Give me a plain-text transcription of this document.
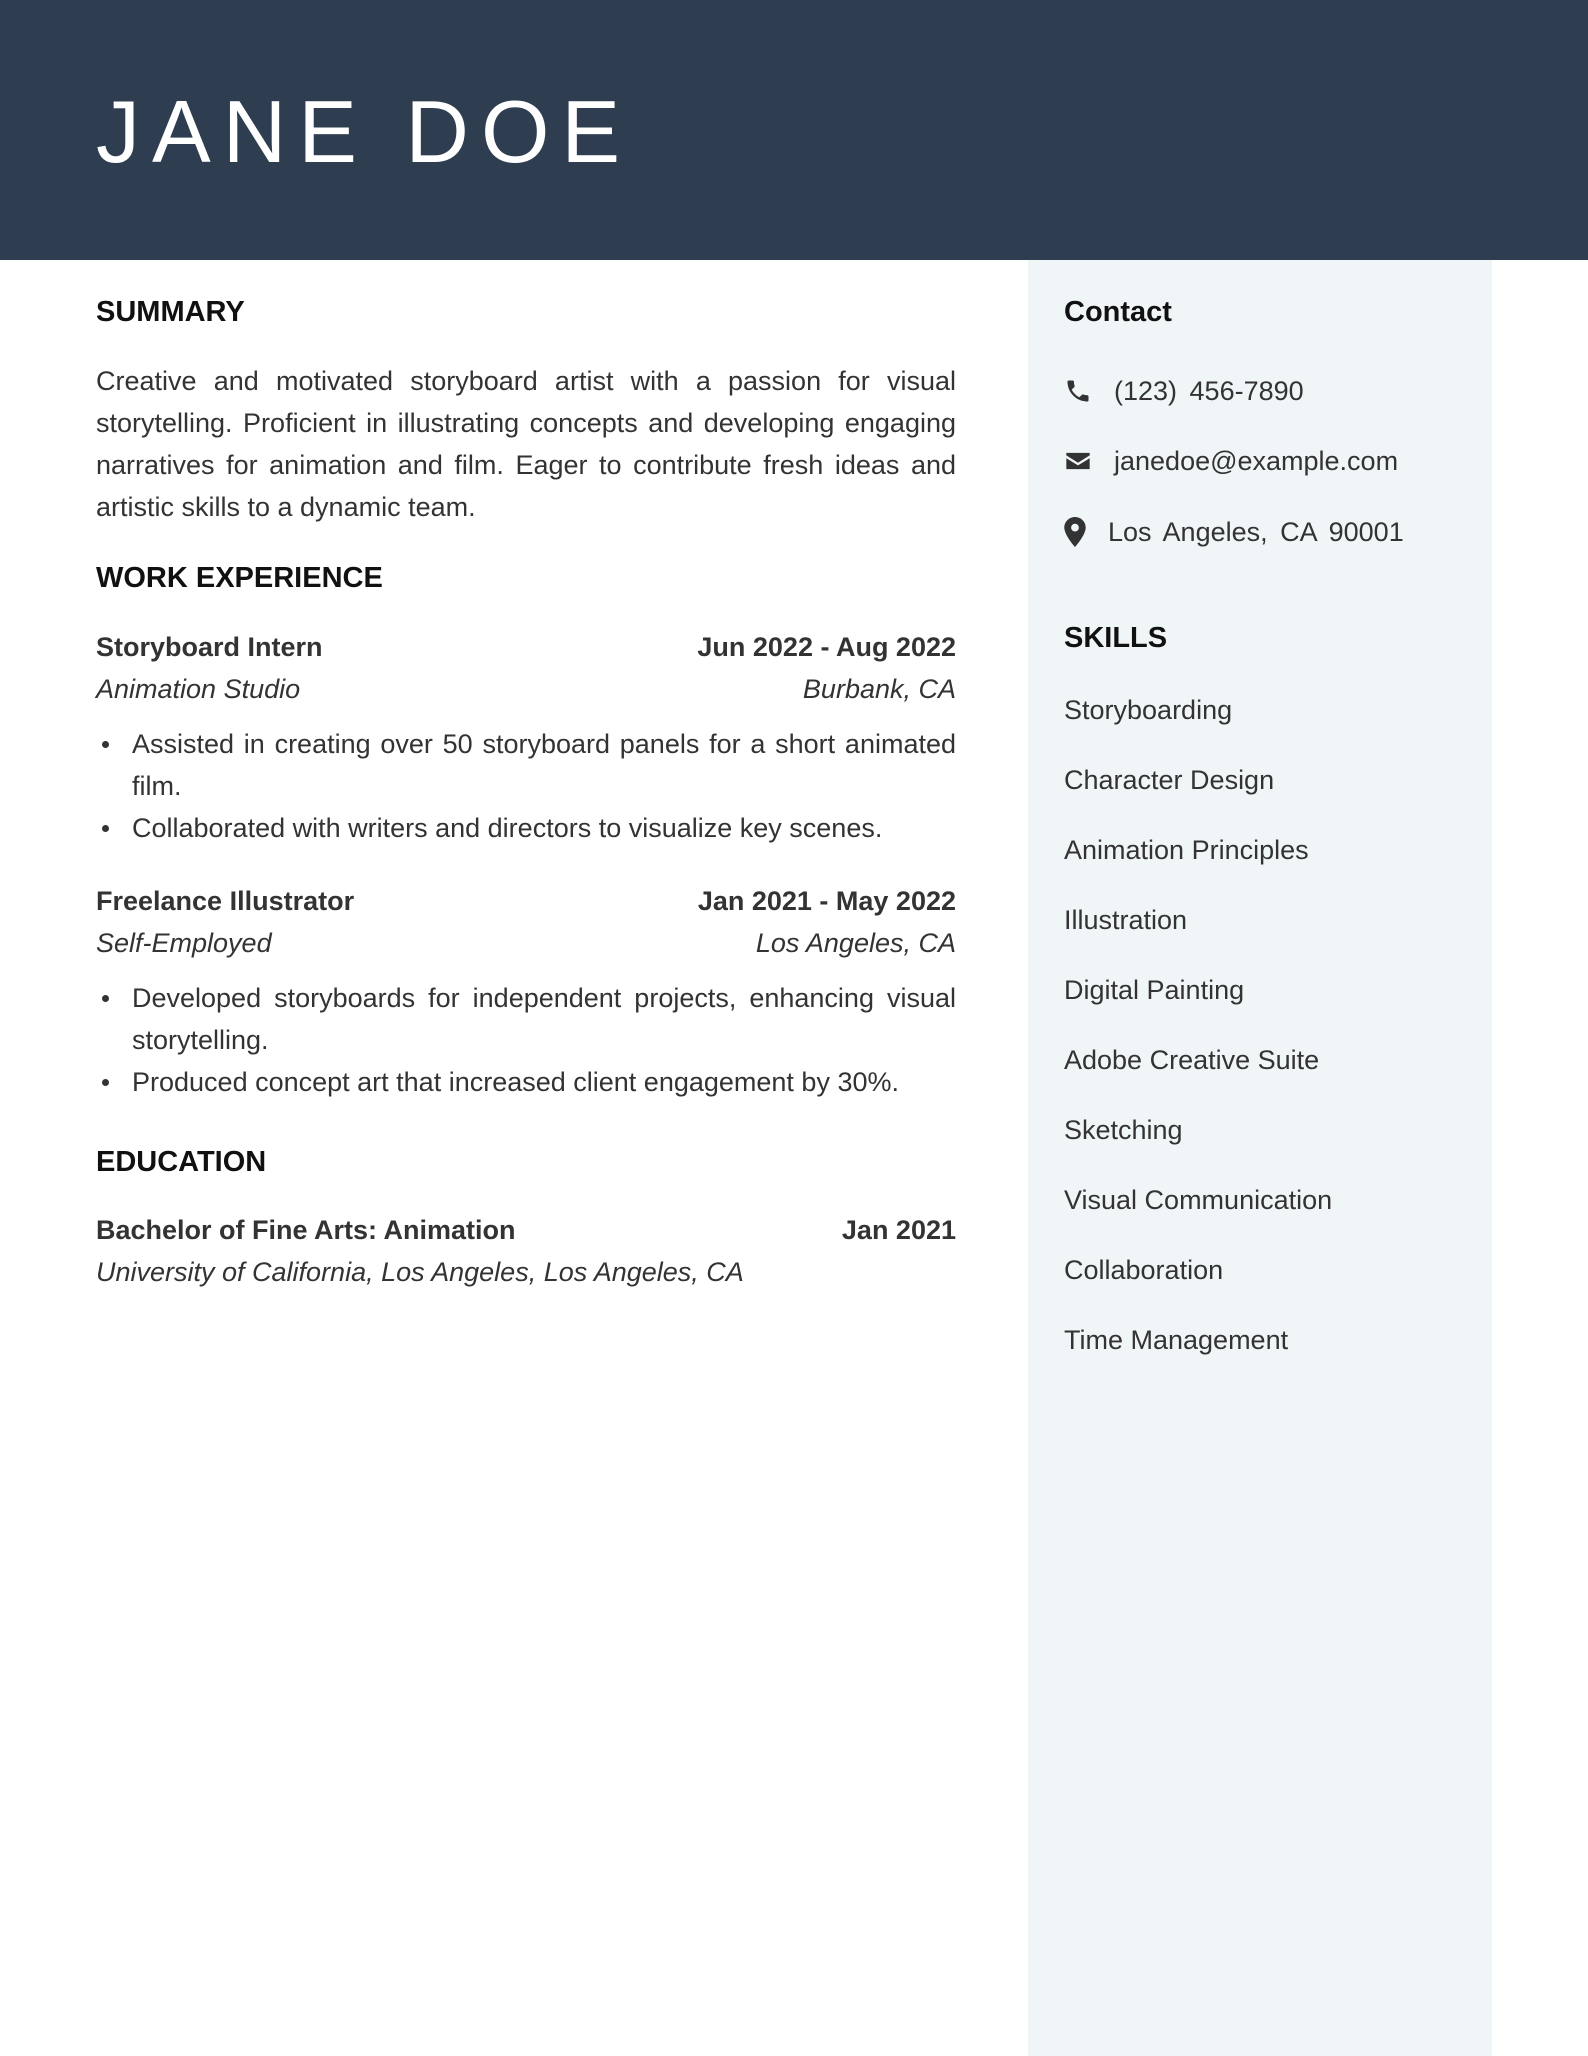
JANE DOE
Contact
(123) 456-7890
janedoe@example.com
Los Angeles, CA 90001
SKILLS
Storyboarding
Character Design
Animation Principles
Illustration
Digital Painting
Adobe Creative Suite
Sketching
Visual Communication
Collaboration
Time Management
SUMMARY
Creative and motivated storyboard artist with a passion for visual storytelling. Proficient in illustrating concepts and developing engaging narratives for animation and film. Eager to contribute fresh ideas and artistic skills to a dynamic team.
WORK EXPERIENCE
Storyboard Intern	Jun 2022 - Aug 2022
Animation Studio	Burbank, CA
Assisted in creating over 50 storyboard panels for a short animated film.
Collaborated with writers and directors to visualize key scenes.
Freelance Illustrator	Jan 2021 - May 2022
Self-Employed	Los Angeles, CA
Developed storyboards for independent projects, enhancing visual storytelling.
Produced concept art that increased client engagement by 30%.
EDUCATION
Bachelor of Fine Arts: Animation	Jan 2021
University of California, Los Angeles, Los Angeles, CA
